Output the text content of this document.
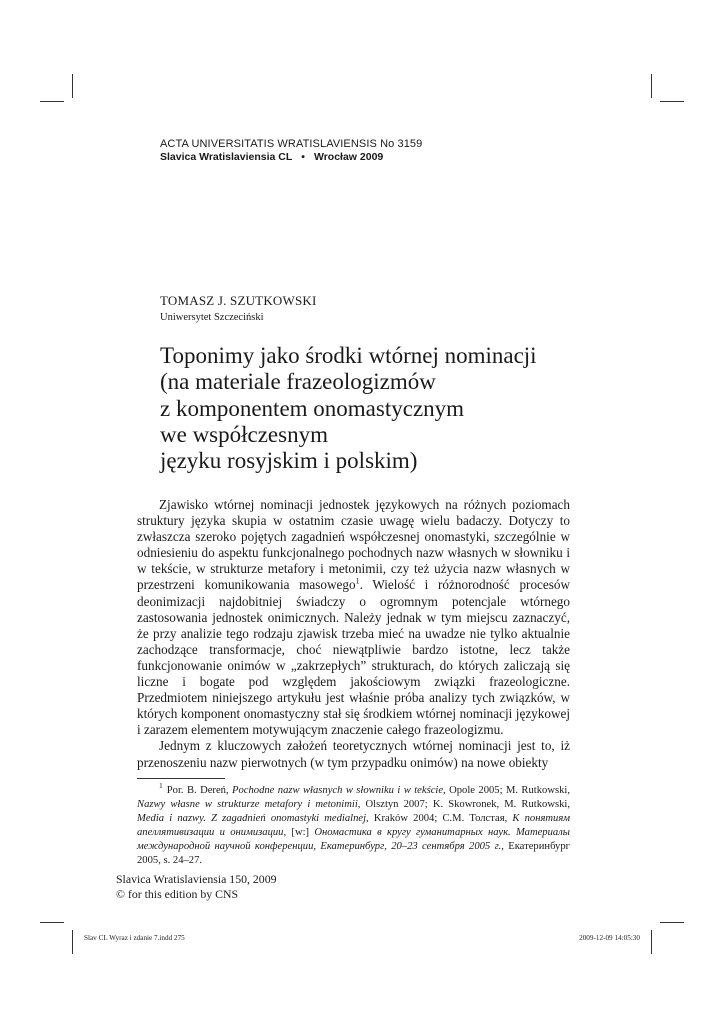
ACTA UNIVERSITATIS WRATISLAVIENSIS No 3159
Slavica Wratislaviensia CL • Wrocław 2009
TOMASZ J. SZUTKOWSKI
Uniwersytet Szczeciński
Toponimy jako środki wtórnej nominacji
(na materiale frazeologizmów
z komponentem onomastycznym
we współczesnym
języku rosyjskim i polskim)

Zjawisko wtórnej nominacji jednostek językowych na różnych poziomach struktury języka skupia w ostatnim czasie uwagę wielu badaczy. Dotyczy to zwłaszcza szeroko pojętych zagadnień współczesnej onomastyki, szczególnie w odniesieniu do aspektu funkcjonalnego pochodnych nazw własnych w słowniku i w tekście, w strukturze metafory i metonimii, czy też użycia nazw własnych w przestrzeni komunikowania masowego$^1$. Wielość i różnorodność procesów deonimizacji najdobitniej świadczy o ogromnym potencjale wtórnego zastosowania jednostek onimicznych. Należy jednak w tym miejscu zaznaczyć, że przy analizie tego rodzaju zjawisk trzeba mieć na uwadze nie tylko aktualnie zachodzące transformacje, choć niewątpliwie bardzo istotne, lecz także funkcjonowanie onimów w „zakrzepłych” strukturach, do których zaliczają się liczne i bogate pod względem jakościowym związki frazeologiczne. Przedmiotem niniejszego artykułu jest właśnie próba analizy tych związków, w których komponent onomastyczny stał się środkiem wtórnej nominacji językowej i zarazem elementem motywującym znaczenie całego frazeologizmu.

Jednym z kluczowych założeń teoretycznych wtórnej nominacji jest to, iż przenoszeniu nazw pierwotnych (w tym przypadku onimów) na nowe obiekty

$^1$ Por. B. Dereń, Pochodne nazw własnych w słowniku i w tekście, Opole 2005; M. Rutkowski, Nazwy własne w strukturze metafory i metonimii, Olsztyn 2007; K. Skowronek, M. Rutkowski, Media i nazwy. Z zagadnień onomastyki medialnej, Kraków 2004; С.М. Толстая, К понятиям апеллятивизации и онимизации, [w:] Ономастика в кругу гуманитарных наук. Материалы международной научной конференции, Екатеринбург, 20–23 сентября 2005 г., Екатеринбург 2005, s. 24–27.

Slavica Wratislaviensia 150, 2009
© for this edition by CNS
Slav CL Wyraz i zdanie 7.indd 275	2009-12-09 14:05:30
